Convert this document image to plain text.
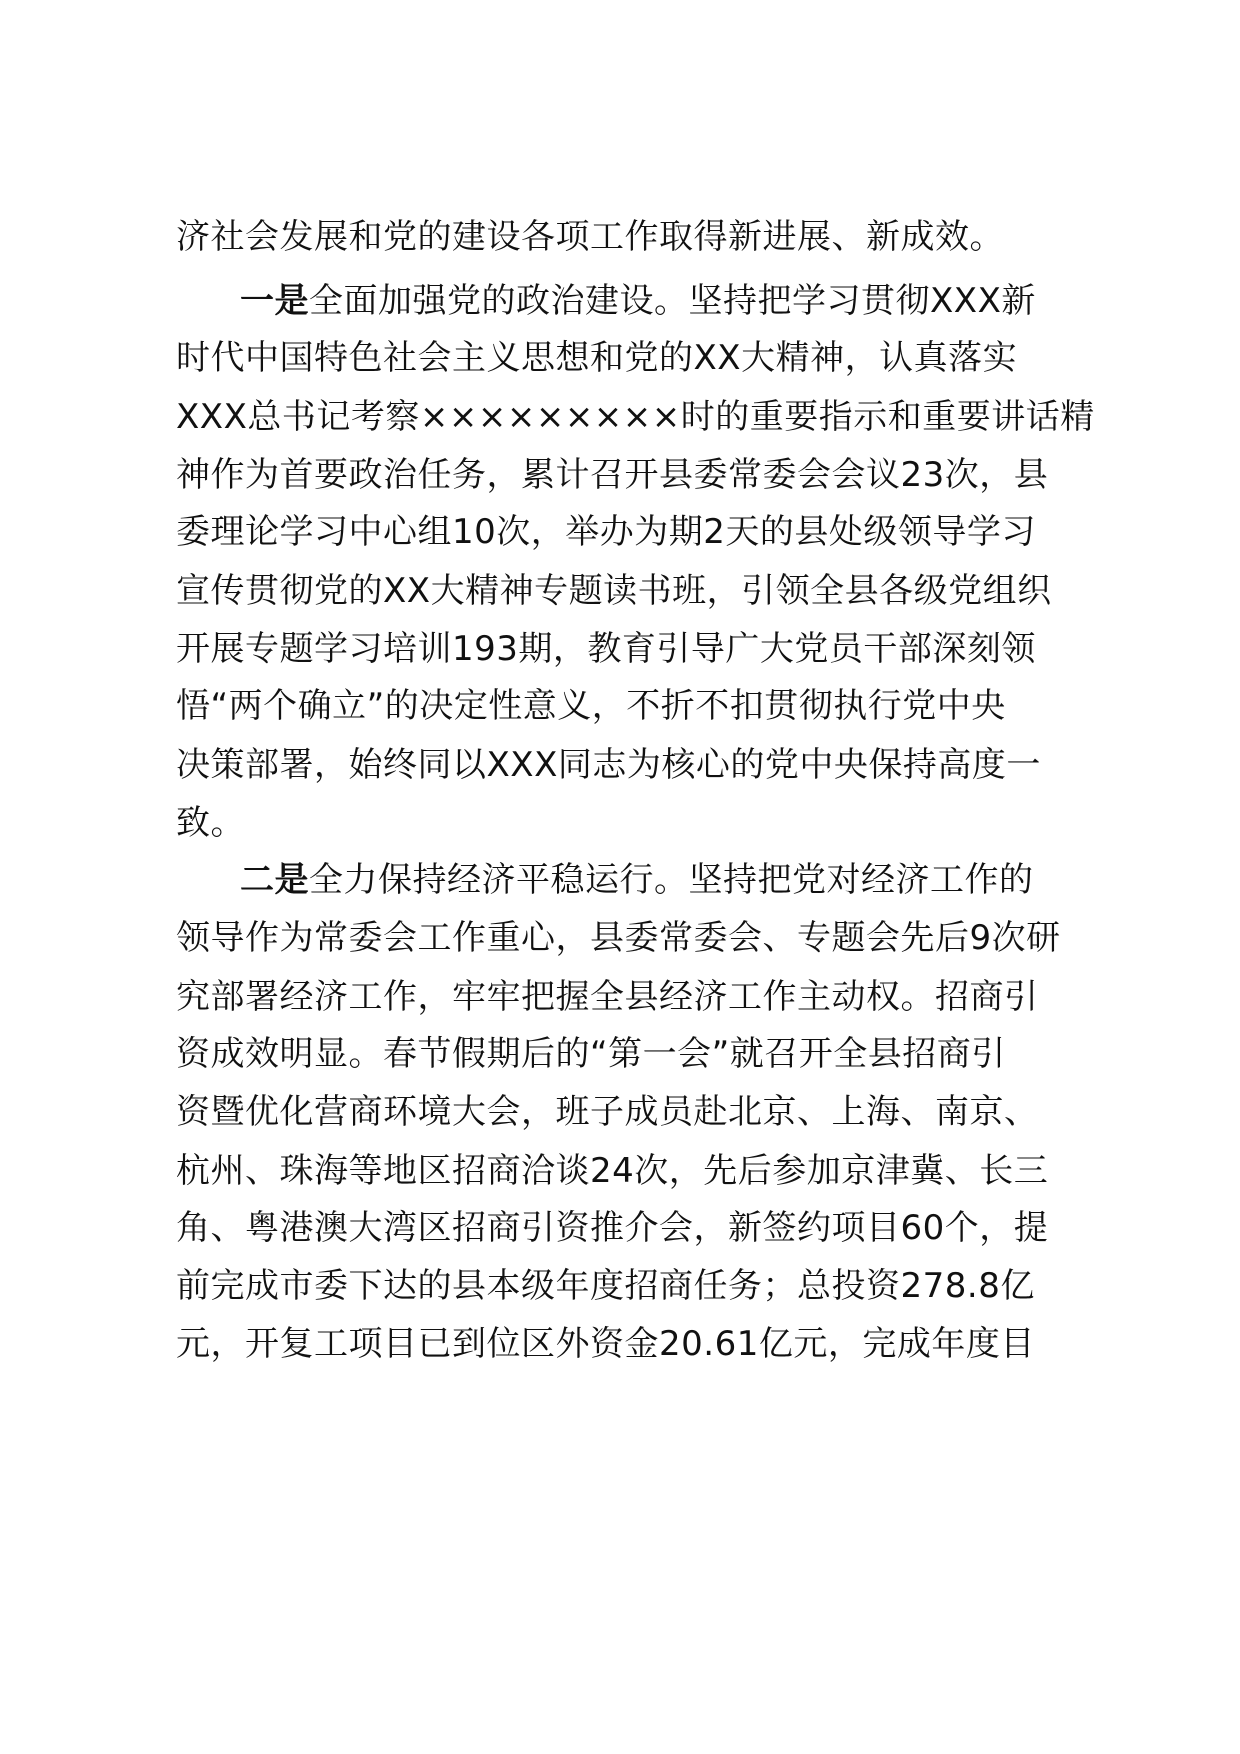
济社会发展和党的建设各项工作取得新进展、新成效。
一是全面加强党的政治建设。坚持把学习贯彻XXX新
时代中国特色社会主义思想和党的XX大精神，认真落实
XXX总书记考察×××××××××时的重要指示和重要讲话精
神作为首要政治任务，累计召开县委常委会会议23次，县
委理论学习中心组10次，举办为期2天的县处级领导学习
宣传贯彻党的XX大精神专题读书班，引领全县各级党组织
开展专题学习培训193期，教育引导广大党员干部深刻领
悟“两个确立”的决定性意义，不折不扣贯彻执行党中央
决策部署，始终同以XXX同志为核心的党中央保持高度一
致。
二是全力保持经济平稳运行。坚持把党对经济工作的
领导作为常委会工作重心，县委常委会、专题会先后9次研
究部署经济工作，牢牢把握全县经济工作主动权。招商引
资成效明显。春节假期后的“第一会”就召开全县招商引
资暨优化营商环境大会，班子成员赴北京、上海、南京、
杭州、珠海等地区招商洽谈24次，先后参加京津冀、长三
角、粤港澳大湾区招商引资推介会，新签约项目60个，提
前完成市委下达的县本级年度招商任务；总投资278.8亿
元，开复工项目已到位区外资金20.61亿元，完成年度目
